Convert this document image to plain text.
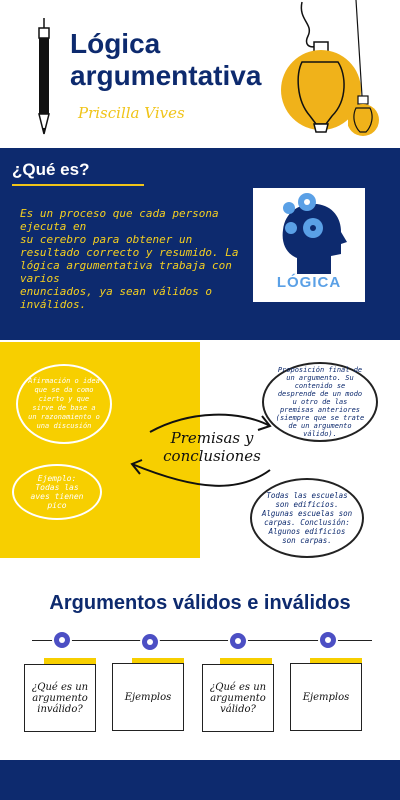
Lógica argumentativa
Priscilla Vives
¿Qué es?
Es un proceso que cada persona ejecuta en
su cerebro para obtener un resultado correcto y resumido. La lógica argumentativa trabaja con varios
enunciados, ya sean válidos o inválidos.
LÓGICA
Afirmación o idea que se da como cierto y que sirve de base a un razonamiento o una discusión
Ejemplo: Todas las aves tienen pico
Proposición final de un argumento. Su contenido se desprende de un modo u otro de las premisas anteriores (siempre que se trate de un argumento válido).
Todas las escuelas son edificios. Algunas escuelas son carpas. Conclusión: Algunos edificios son carpas.
Premisas y
conclusiones
Argumentos válidos e inválidos
¿Qué es un
argumento
inválido?
Ejemplos
¿Qué es un
argumento
válido?
Ejemplos
